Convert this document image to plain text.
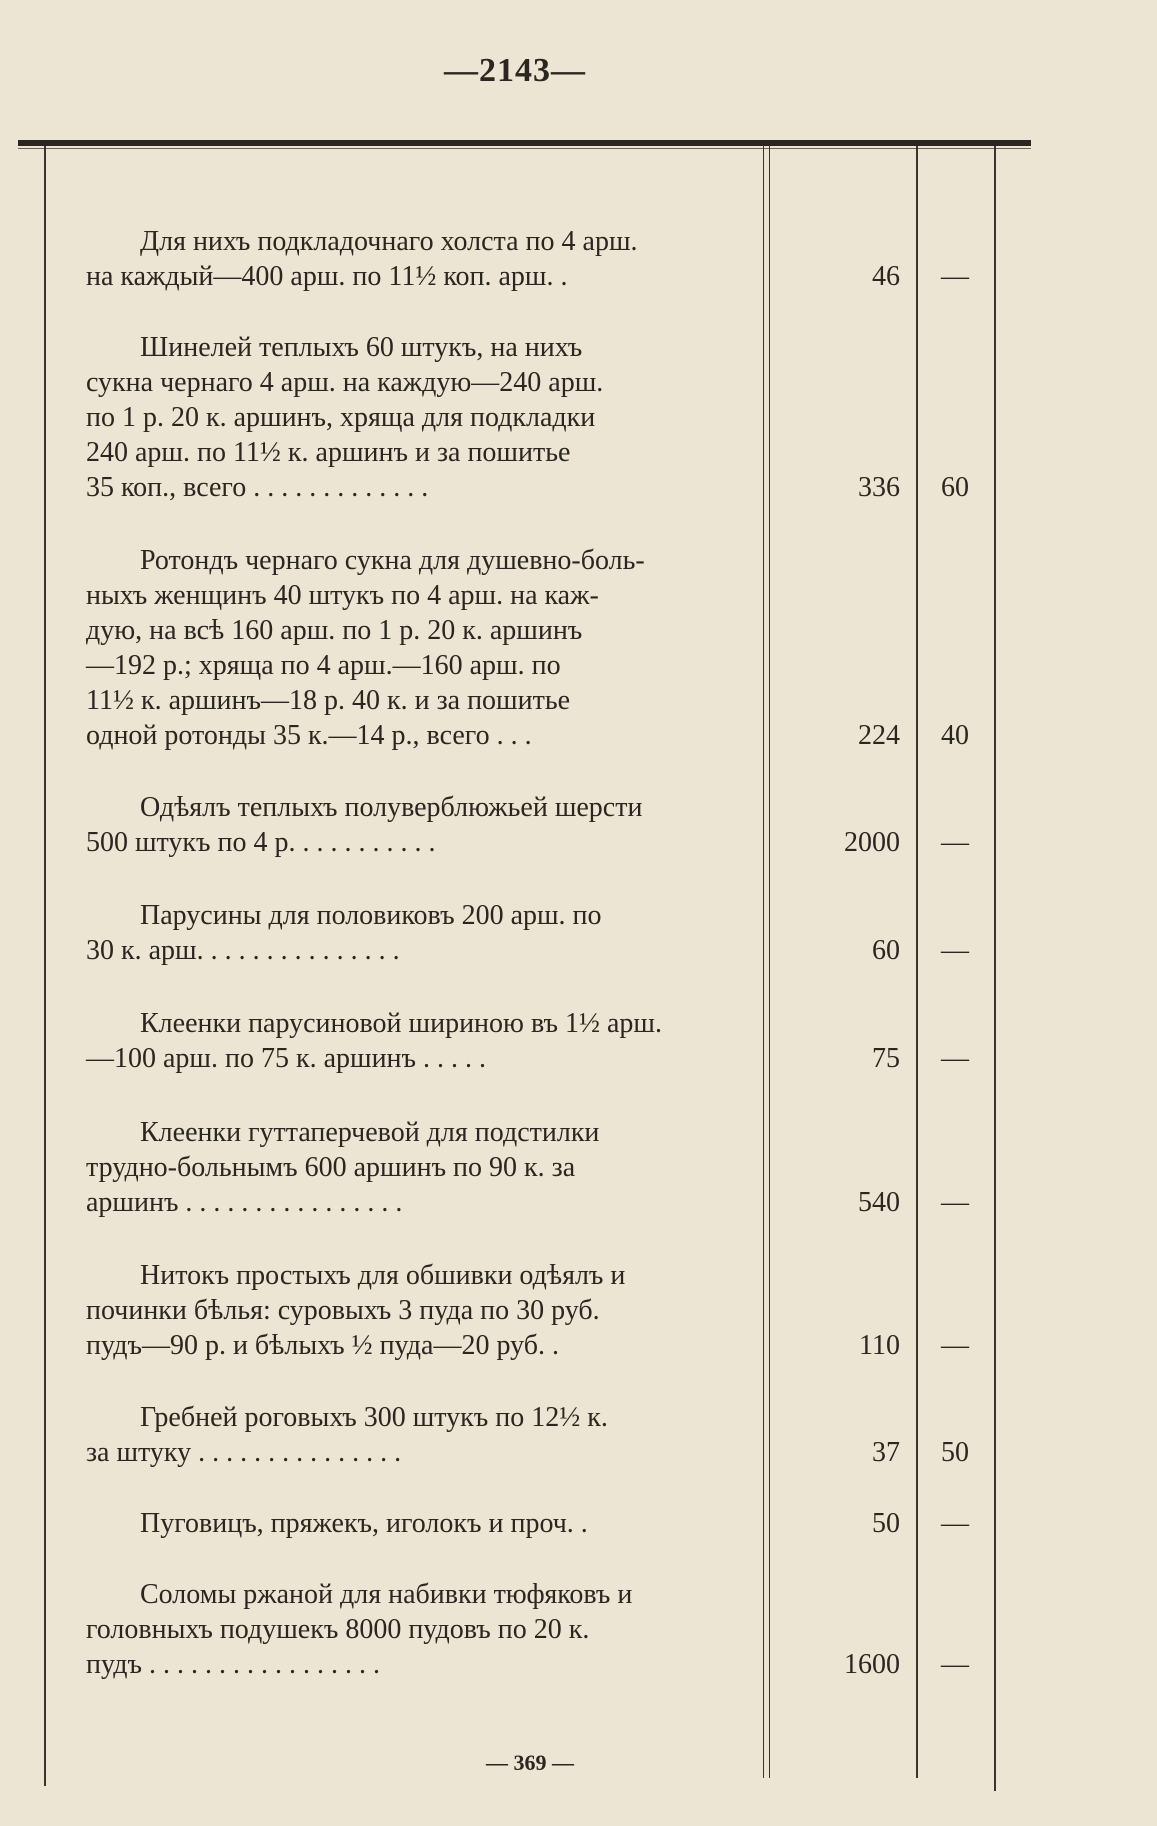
—2143—
Для нихъ подкладочнаго холста по 4 арш.
на каждый—400 арш. по 11½ коп. арш. .	46	—
Шинелей теплыхъ 60 штукъ, на нихъ
сукна чернаго 4 арш. на каждую—240 арш.
по 1 р. 20 к. аршинъ, хряща для подкладки
240 арш. по 11½ к. аршинъ и за пошитье
35 коп., всего . . . . . . . . . . . . .	336	60
Ротондъ чернаго сукна для душевно-боль-
ныхъ женщинъ 40 штукъ по 4 арш. на каж-
дую, на всѣ 160 арш. по 1 р. 20 к. аршинъ
—192 р.; хряща по 4 арш.—160 арш. по
11½ к. аршинъ—18 р. 40 к. и за пошитье
одной ротонды 35 к.—14 р., всего . . .	224	40
Одѣялъ теплыхъ полуверблюжьей шерсти
500 штукъ по 4 р. . . . . . . . . . .	2000	—
Парусины для половиковъ 200 арш. по
30 к. арш. . . . . . . . . . . . . . .	60	—
Клеенки парусиновой шириною въ 1½ арш.
—100 арш. по 75 к. аршинъ . . . . .	75	—
Клеенки гуттаперчевой для подстилки
трудно-больнымъ 600 аршинъ по 90 к. за
аршинъ . . . . . . . . . . . . . . . .	540	—
Нитокъ простыхъ для обшивки одѣялъ и
починки бѣлья: суровыхъ 3 пуда по 30 руб.
пудъ—90 р. и бѣлыхъ ½ пуда—20 руб. .	110	—
Гребней роговыхъ 300 штукъ по 12½ к.
за штуку . . . . . . . . . . . . . . .	37	50
Пуговицъ, пряжекъ, иголокъ и проч. .	50	—
Соломы ржаной для набивки тюфяковъ и
головныхъ подушекъ 8000 пудовъ по 20 к.
пудъ . . . . . . . . . . . . . . . . .	1600	—
— 369 —
